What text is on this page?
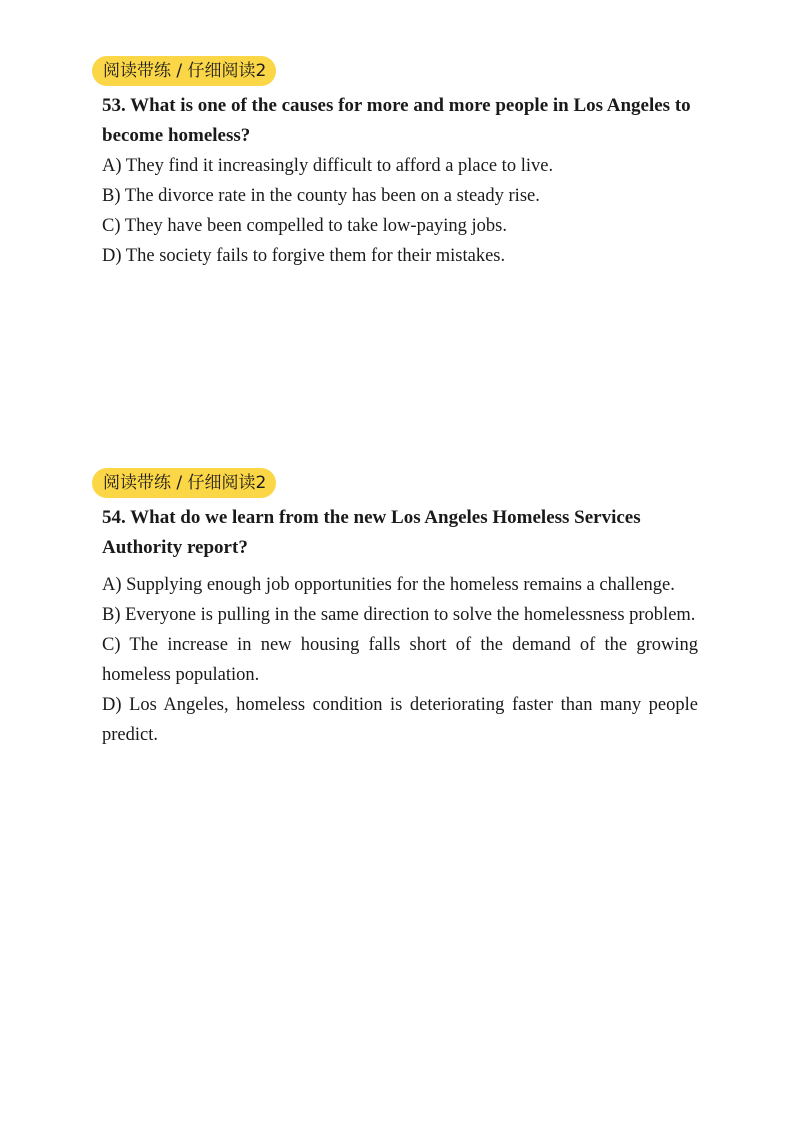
阅读带练 / 仔细阅读2

53. What is one of the causes for more and more people in Los Angeles to become homeless?

A) They find it increasingly difficult to afford a place to live.
B) The divorce rate in the county has been on a steady rise.
C) They have been compelled to take low-paying jobs.
D) The society fails to forgive them for their mistakes.
阅读带练 / 仔细阅读2

54. What do we learn from the new Los Angeles Homeless Services Authority report?

A) Supplying enough job opportunities for the homeless remains a challenge.
B) Everyone is pulling in the same direction to solve the homelessness problem.
C) The increase in new housing falls short of the demand of the growing homeless population.
D) Los Angeles, homeless condition is deteriorating faster than many people predict.
